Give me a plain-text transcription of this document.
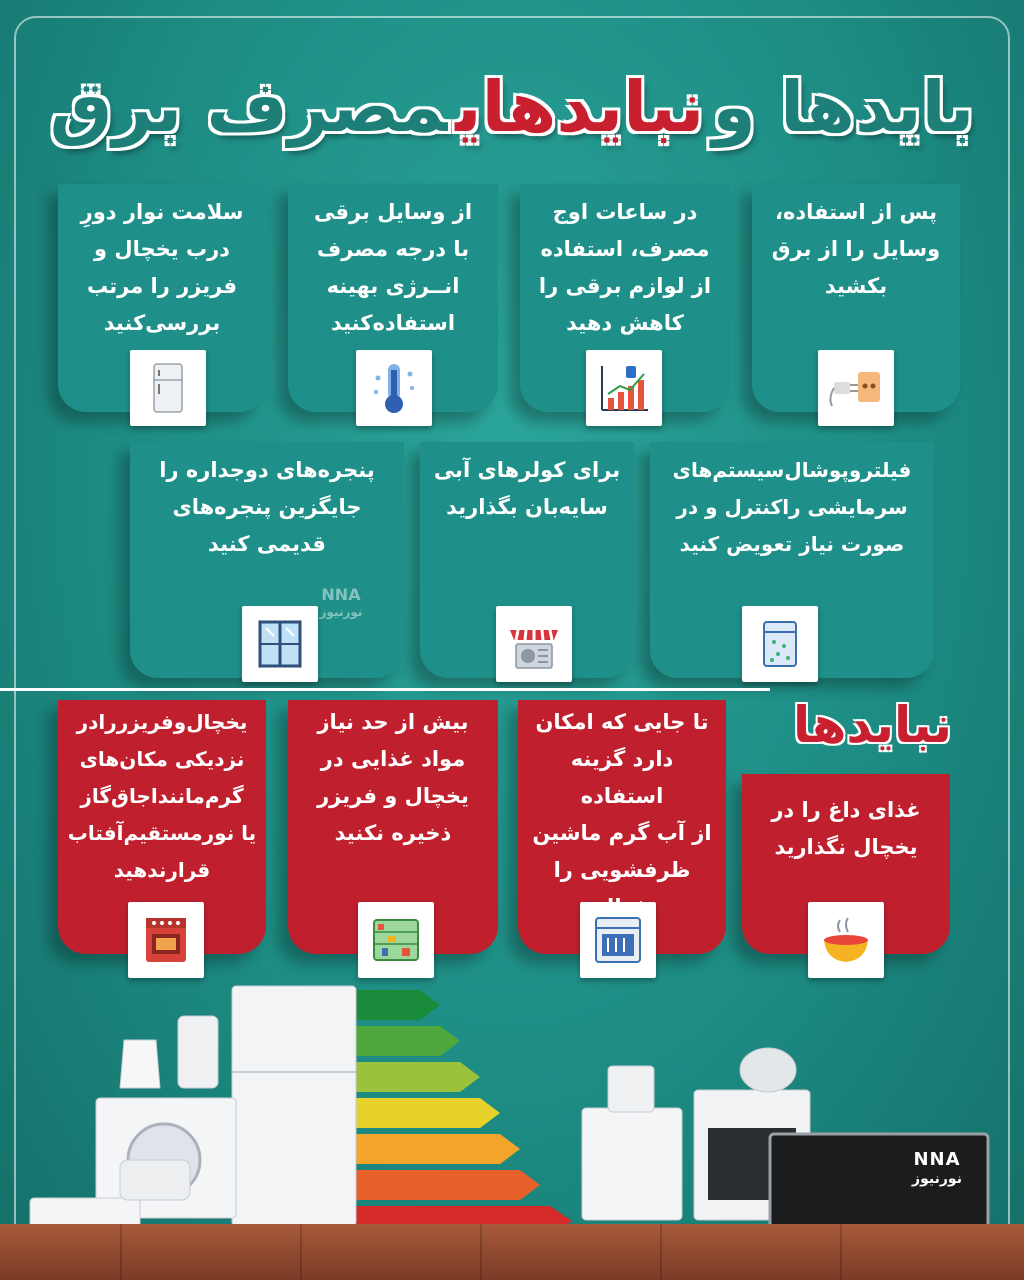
بایدها ونبایدهایمصرف برق
پس از استفاده،
وسایل را از برق
بکشید
در ساعات اوج
مصرف، استفاده
از لوازم برقی را
کاهش دهید
از وسایل برقی
با درجه مصرف
انــرژی بهینه
استفاده‌کنید
سلامت نوار دورِ
درب یخچال و
فریزر را مرتب
بررسی‌کنید
فیلتروپوشال‌سیستم‌های
سرمایشی راکنترل و در
صورت نیاز تعویض کنید
برای کولرهای آبی
سایه‌بان بگذارید
پنجره‌های دوجداره را
جایگزین پنجره‌های
قدیمی کنید
NNA
نورنیوز
نبایدها
غذای داغ را در
یخچال نگذارید
تا جایی که امکان
دارد گزینه استفاده
از آب گرم ماشین
ظرفشویی را

بیش از حد نیاز
مواد غذایی در
یخچال و فریزر
ذخیره نکنید
یخچال‌وفریزر‌رادر
نزدیکی مکان‌های
گرم‌مانند‌اجاق‌گاز
یا نور‌مستقیم‌آفتاب
قرار‌ندهید
NNA
نورنیوز
